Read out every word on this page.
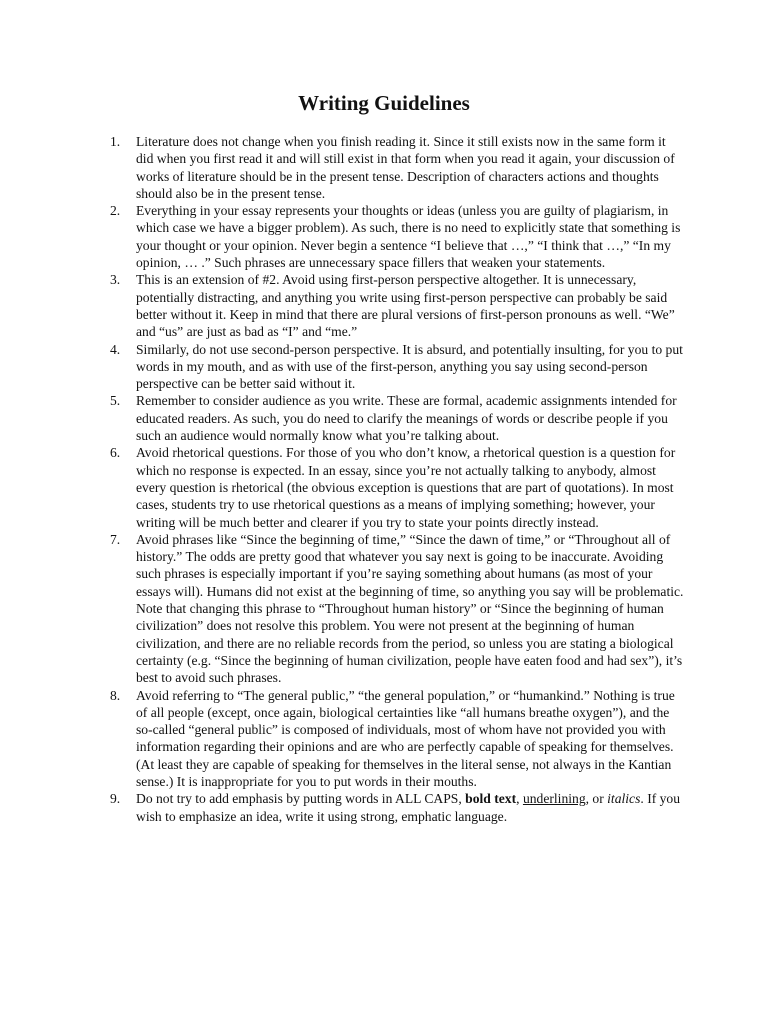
Writing Guidelines
1.	Literature does not change when you finish reading it. Since it still exists now in the same form it did when you first read it and will still exist in that form when you read it again, your discussion of works of literature should be in the present tense. Description of characters actions and thoughts should also be in the present tense.
2.	Everything in your essay represents your thoughts or ideas (unless you are guilty of plagiarism, in which case we have a bigger problem). As such, there is no need to explicitly state that something is your thought or your opinion. Never begin a sentence “I believe that …,” “I think that …,” “In my opinion, … .” Such phrases are unnecessary space fillers that weaken your statements.
3.	This is an extension of #2. Avoid using first-person perspective altogether. It is unnecessary, potentially distracting, and anything you write using first-person perspective can probably be said better without it. Keep in mind that there are plural versions of first-person pronouns as well. “We” and “us” are just as bad as “I” and “me.”
4.	Similarly, do not use second-person perspective. It is absurd, and potentially insulting, for you to put words in my mouth, and as with use of the first-person, anything you say using second-person perspective can be better said without it.
5.	Remember to consider audience as you write. These are formal, academic assignments intended for educated readers. As such, you do need to clarify the meanings of words or describe people if you such an audience would normally know what you’re talking about.
6.	Avoid rhetorical questions. For those of you who don’t know, a rhetorical question is a question for which no response is expected. In an essay, since you’re not actually talking to anybody, almost every question is rhetorical (the obvious exception is questions that are part of quotations). In most cases, students try to use rhetorical questions as a means of implying something; however, your writing will be much better and clearer if you try to state your points directly instead.
7.	Avoid phrases like “Since the beginning of time,” “Since the dawn of time,” or “Throughout all of history.” The odds are pretty good that whatever you say next is going to be inaccurate. Avoiding such phrases is especially important if you’re saying something about humans (as most of your essays will). Humans did not exist at the beginning of time, so anything you say will be problematic. Note that changing this phrase to “Throughout human history” or “Since the beginning of human civilization” does not resolve this problem. You were not present at the beginning of human civilization, and there are no reliable records from the period, so unless you are stating a biological certainty (e.g. “Since the beginning of human civilization, people have eaten food and had sex”), it’s best to avoid such phrases.
8.	Avoid referring to “The general public,” “the general population,” or “humankind.” Nothing is true of all people (except, once again, biological certainties like “all humans breathe oxygen”), and the so-called “general public” is composed of individuals, most of whom have not provided you with information regarding their opinions and are who are perfectly capable of speaking for themselves. (At least they are capable of speaking for themselves in the literal sense, not always in the Kantian sense.) It is inappropriate for you to put words in their mouths.
9.	Do not try to add emphasis by putting words in ALL CAPS, bold text, underlining, or italics. If you wish to emphasize an idea, write it using strong, emphatic language.
